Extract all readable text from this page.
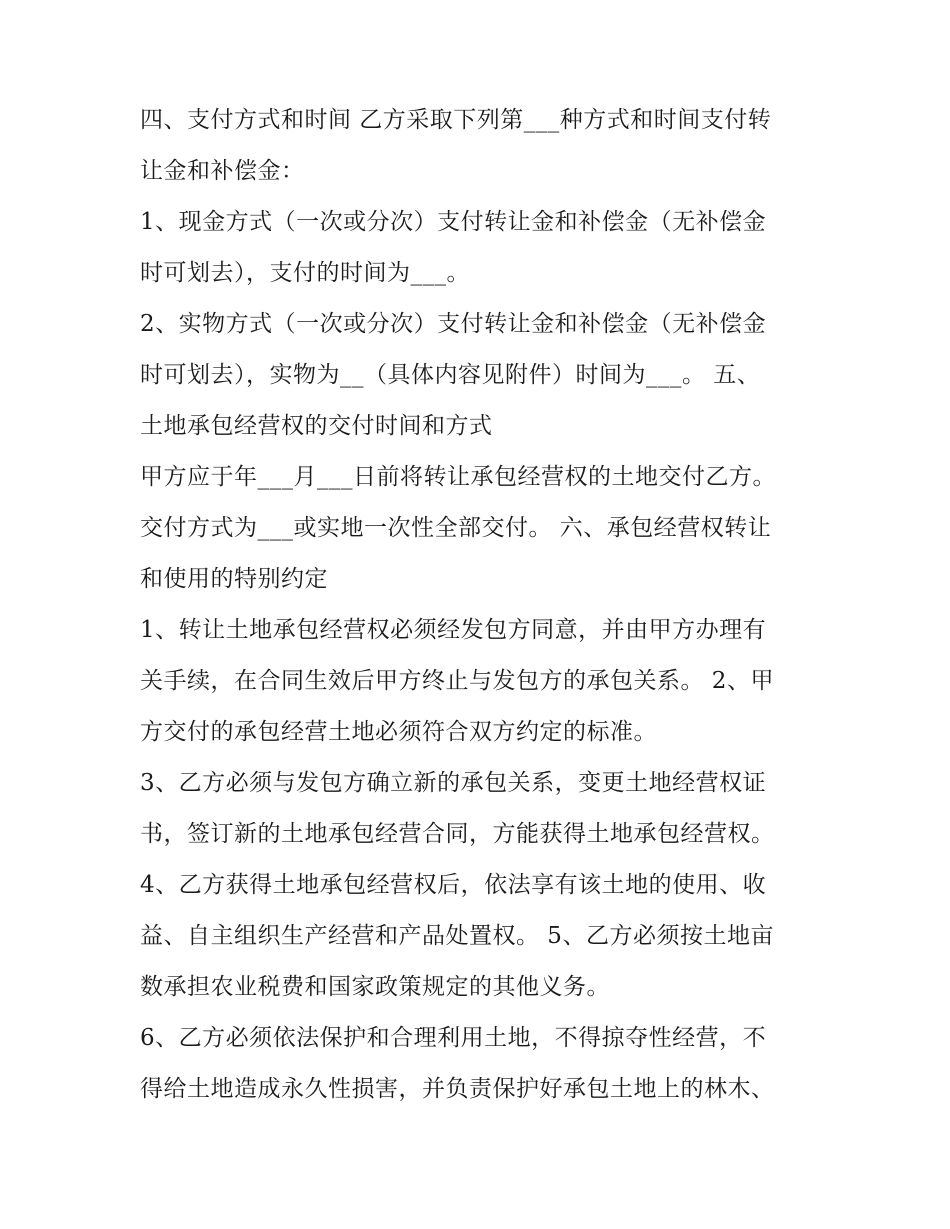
四、支付方式和时间 乙方采取下列第___种方式和时间支付转
让金和补偿金：
1、现金方式（一次或分次）支付转让金和补偿金（无补偿金
时可划去），支付的时间为___。
2、实物方式（一次或分次）支付转让金和补偿金（无补偿金
时可划去），实物为__（具体内容见附件）时间为___。 五、
土地承包经营权的交付时间和方式
甲方应于年___月___日前将转让承包经营权的土地交付乙方。
交付方式为___或实地一次性全部交付。 六、承包经营权转让
和使用的特别约定
1、转让土地承包经营权必须经发包方同意，并由甲方办理有
关手续，在合同生效后甲方终止与发包方的承包关系。 2、甲
方交付的承包经营土地必须符合双方约定的标准。
3、乙方必须与发包方确立新的承包关系，变更土地经营权证
书，签订新的土地承包经营合同，方能获得土地承包经营权。
4、乙方获得土地承包经营权后，依法享有该土地的使用、收
益、自主组织生产经营和产品处置权。 5、乙方必须按土地亩
数承担农业税费和国家政策规定的其他义务。
6、乙方必须依法保护和合理利用土地，不得掠夺性经营，不
得给土地造成永久性损害，并负责保护好承包土地上的林木、
